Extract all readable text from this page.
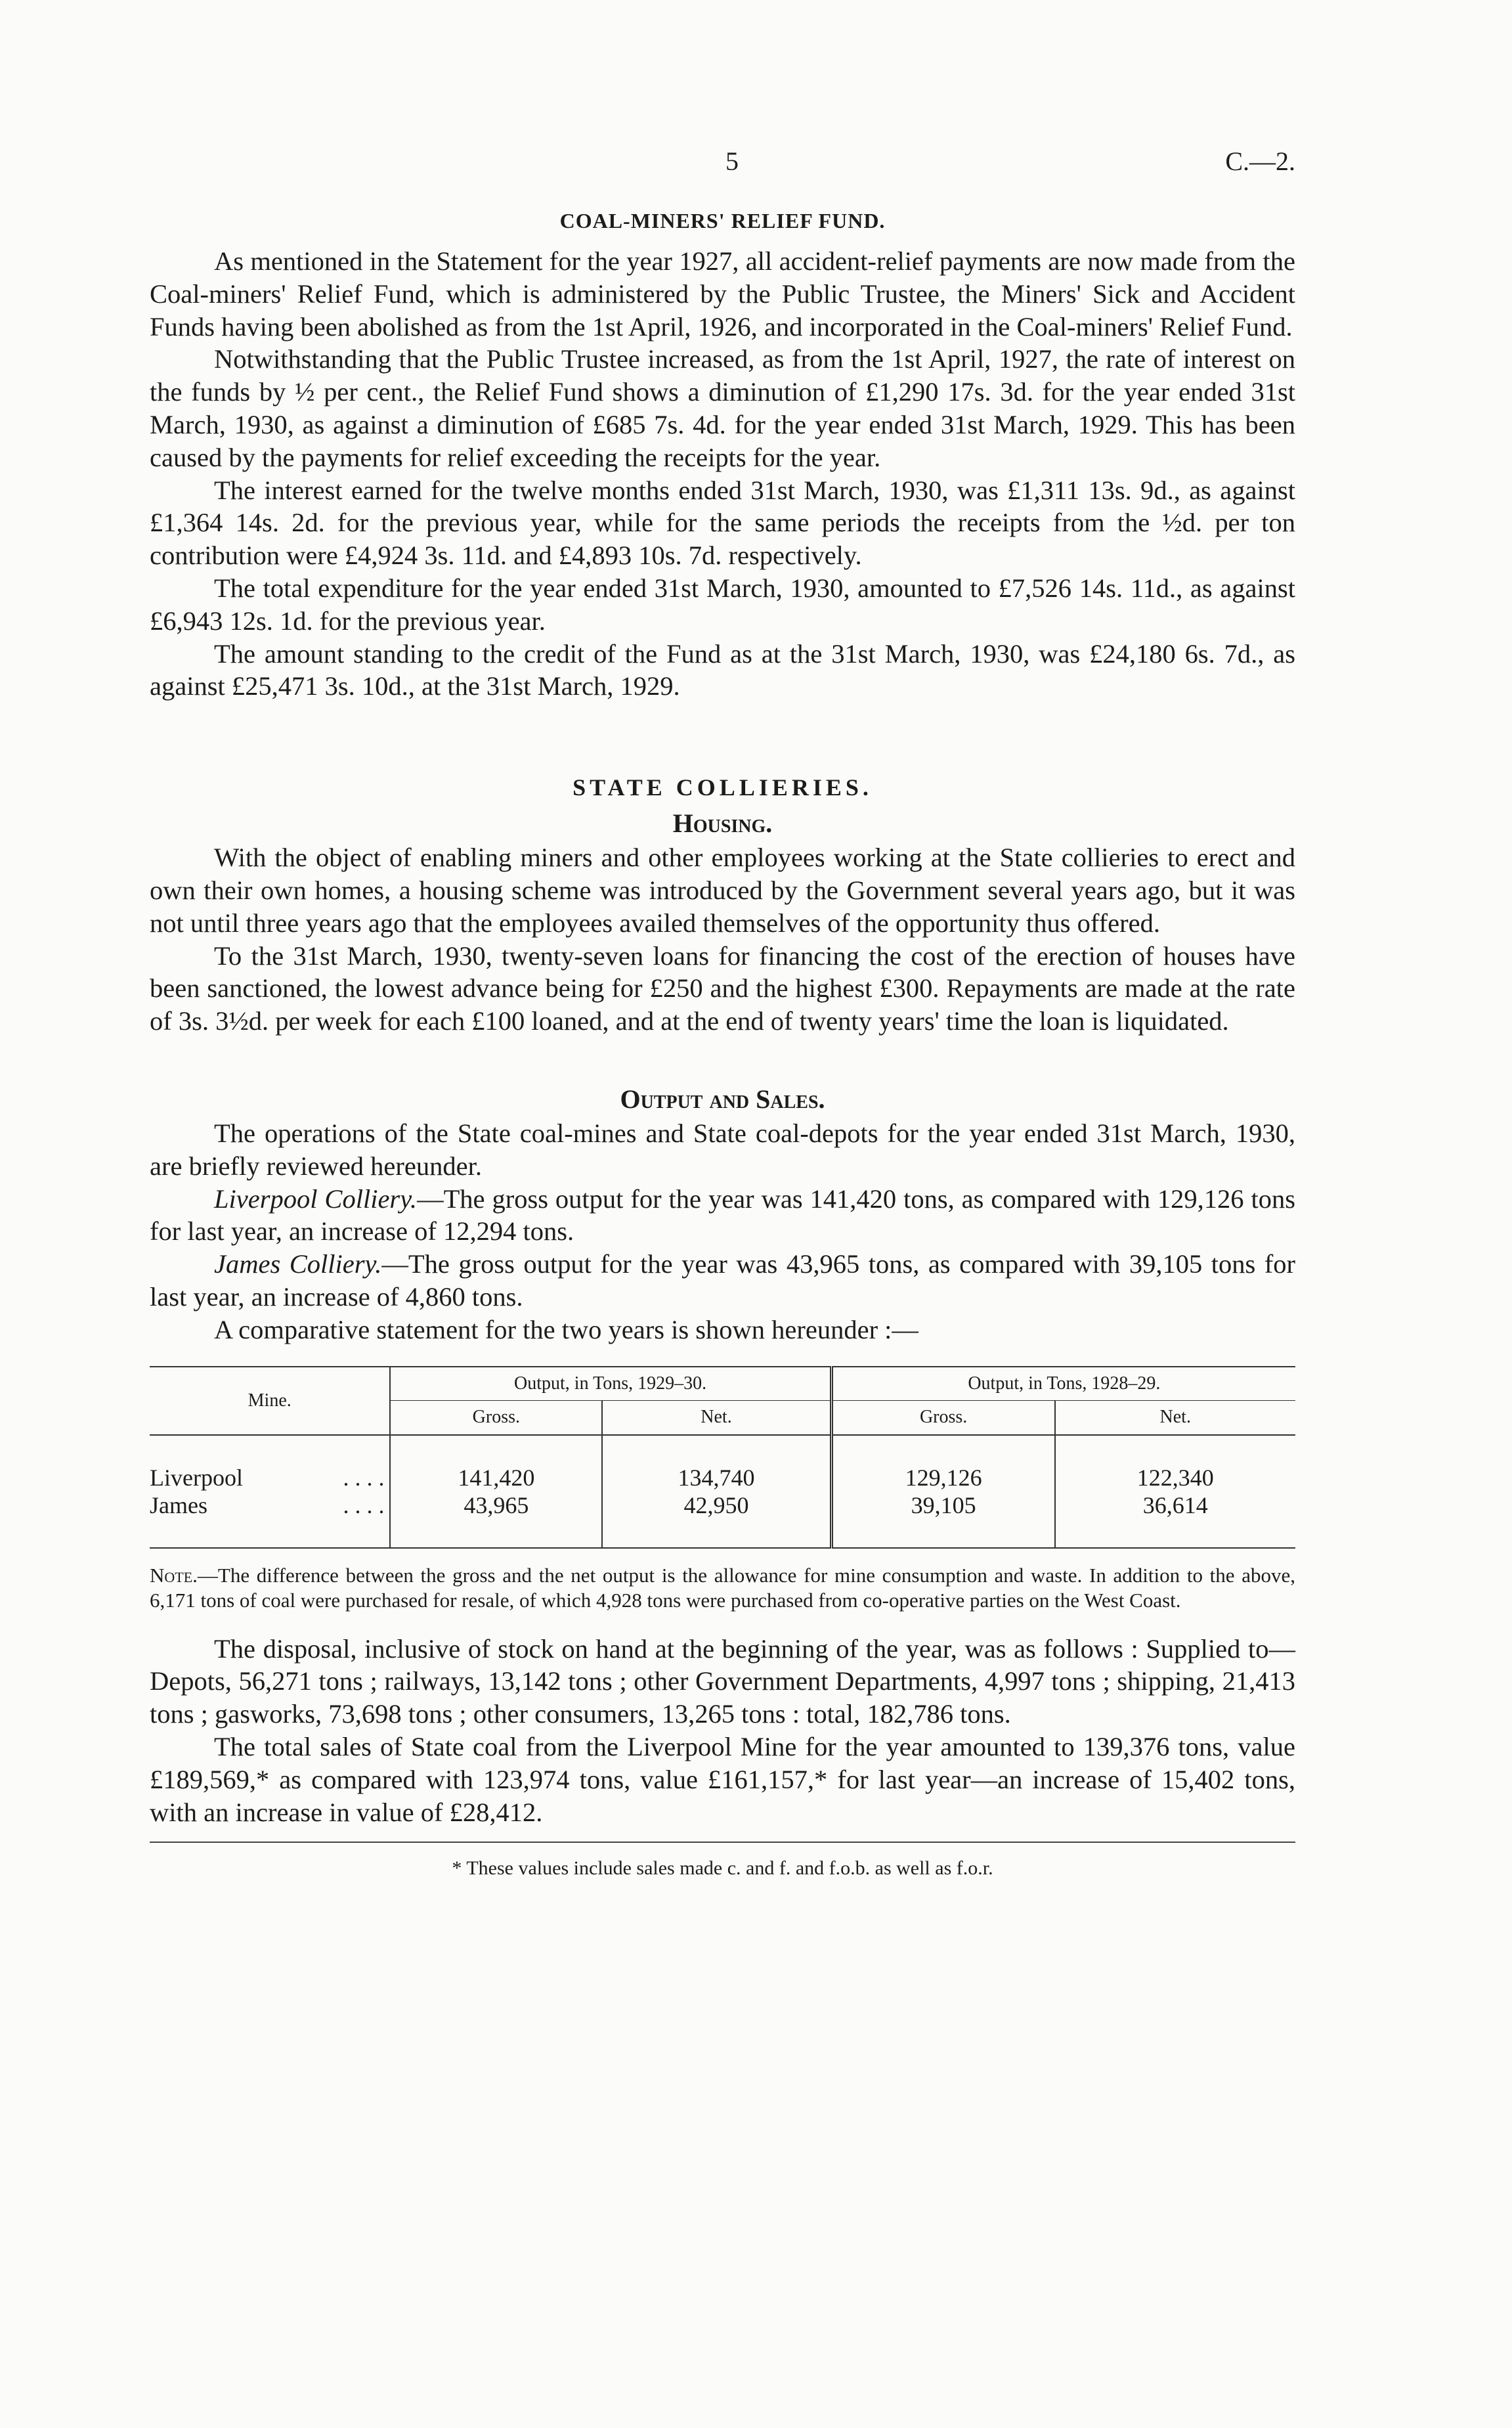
5	C.—2.
COAL-MINERS' RELIEF FUND.

As mentioned in the Statement for the year 1927, all accident-relief payments are now made from the Coal-miners' Relief Fund, which is administered by the Public Trustee, the Miners' Sick and Accident Funds having been abolished as from the 1st April, 1926, and incorporated in the Coal-miners' Relief Fund.

Notwithstanding that the Public Trustee increased, as from the 1st April, 1927, the rate of interest on the funds by ½ per cent., the Relief Fund shows a diminution of £1,290 17s. 3d. for the year ended 31st March, 1930, as against a diminution of £685 7s. 4d. for the year ended 31st March, 1929. This has been caused by the payments for relief exceeding the receipts for the year.

The interest earned for the twelve months ended 31st March, 1930, was £1,311 13s. 9d., as against £1,364 14s. 2d. for the previous year, while for the same periods the receipts from the ½d. per ton contribution were £4,924 3s. 11d. and £4,893 10s. 7d. respectively.

The total expenditure for the year ended 31st March, 1930, amounted to £7,526 14s. 11d., as against £6,943 12s. 1d. for the previous year.

The amount standing to the credit of the Fund as at the 31st March, 1930, was £24,180 6s. 7d., as against £25,471 3s. 10d., at the 31st March, 1929.

STATE COLLIERIES.
Housing.

With the object of enabling miners and other employees working at the State collieries to erect and own their own homes, a housing scheme was introduced by the Government several years ago, but it was not until three years ago that the employees availed themselves of the opportunity thus offered.

To the 31st March, 1930, twenty-seven loans for financing the cost of the erection of houses have been sanctioned, the lowest advance being for £250 and the highest £300. Repayments are made at the rate of 3s. 3½d. per week for each £100 loaned, and at the end of twenty years' time the loan is liquidated.

Output and Sales.

The operations of the State coal-mines and State coal-depots for the year ended 31st March, 1930, are briefly reviewed hereunder.

Liverpool Colliery.—The gross output for the year was 141,420 tons, as compared with 129,126 tons for last year, an increase of 12,294 tons.

James Colliery.—The gross output for the year was 43,965 tons, as compared with 39,105 tons for last year, an increase of 4,860 tons.

A comparative statement for the two years is shown hereunder :—

Mine.	Output, in Tons, 1929–30.		Output, in Tons, 1928–29.	
	Gross.	Net.	Gross.	Net.

Liverpool . . . .	141,420	134,740	129,126	122,340
James . . . .	43,965	42,950	39,105	36,614

Note.—The difference between the gross and the net output is the allowance for mine consumption and waste. In addition to the above, 6,171 tons of coal were purchased for resale, of which 4,928 tons were purchased from co-operative parties on the West Coast.

The disposal, inclusive of stock on hand at the beginning of the year, was as follows : Supplied to—Depots, 56,271 tons ; railways, 13,142 tons ; other Government Departments, 4,997 tons ; shipping, 21,413 tons ; gasworks, 73,698 tons ; other consumers, 13,265 tons : total, 182,786 tons.

The total sales of State coal from the Liverpool Mine for the year amounted to 139,376 tons, value £189,569,* as compared with 123,974 tons, value £161,157,* for last year—an increase of 15,402 tons, with an increase in value of £28,412.

* These values include sales made c. and f. and f.o.b. as well as f.o.r.
